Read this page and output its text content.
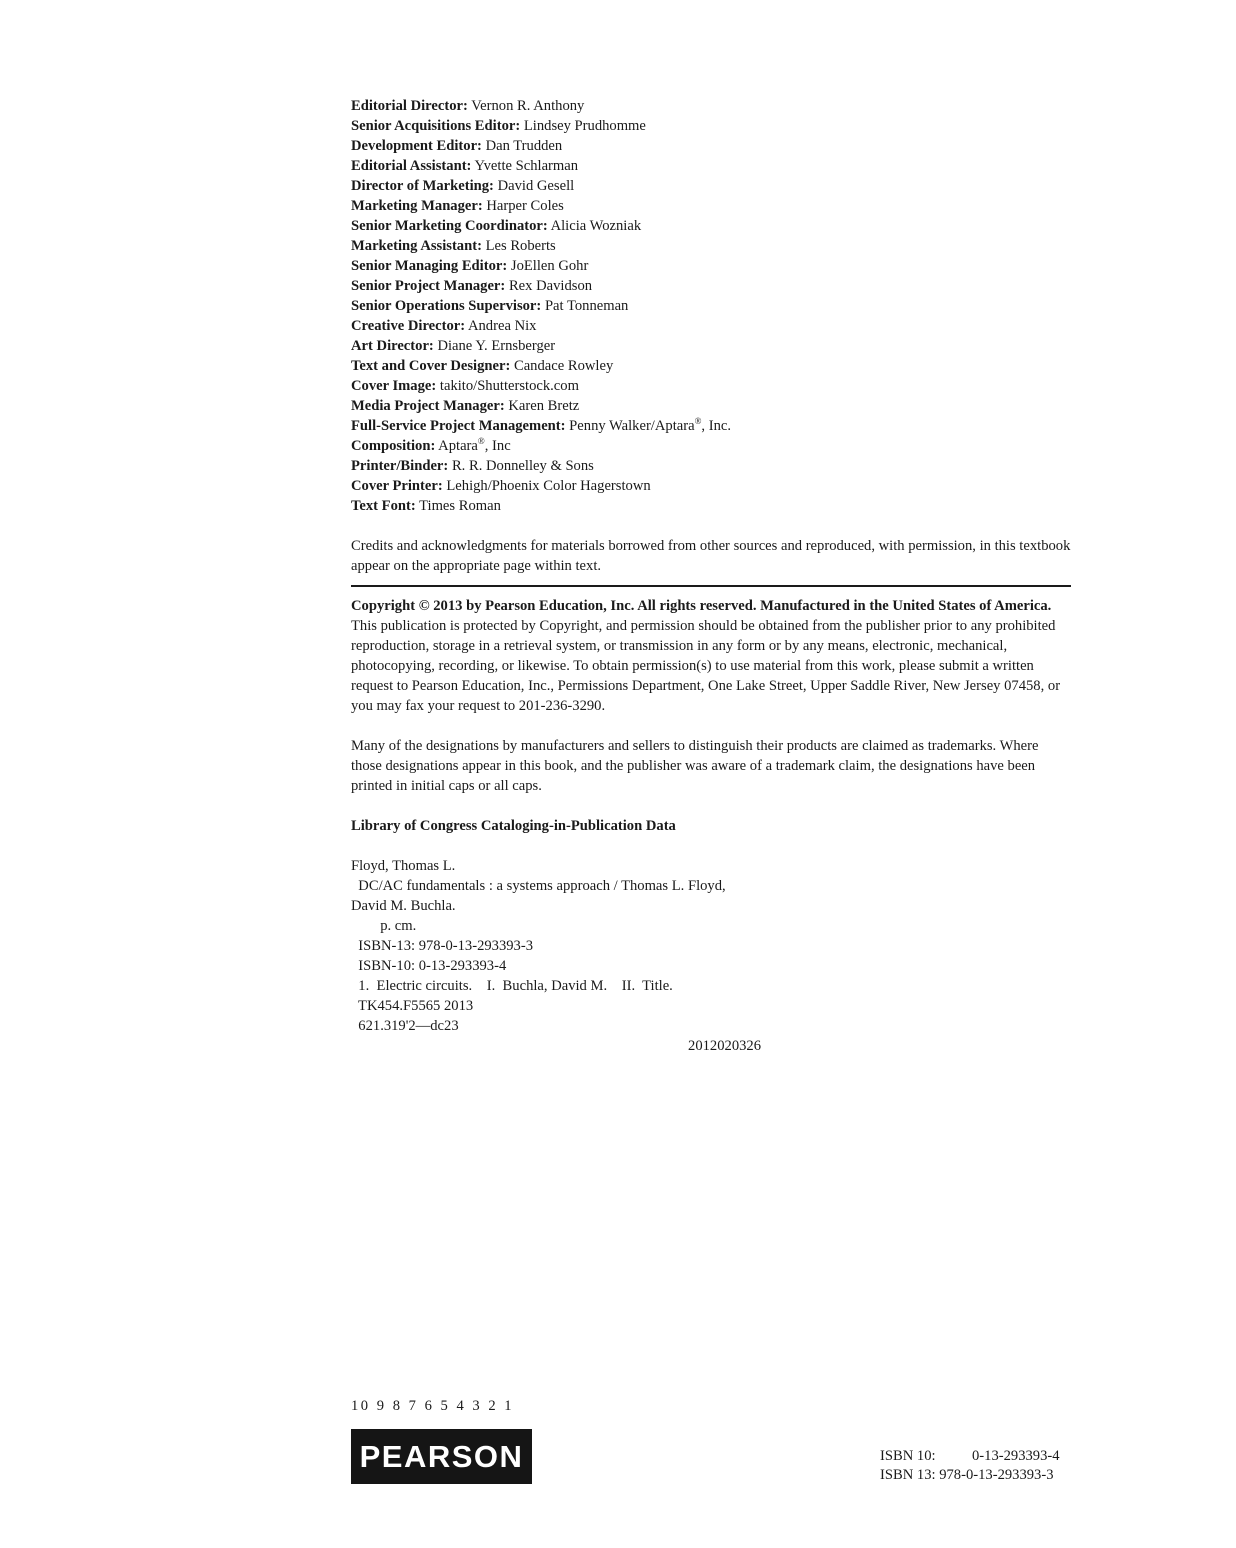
Editorial Director: Vernon R. Anthony
Senior Acquisitions Editor: Lindsey Prudhomme
Development Editor: Dan Trudden
Editorial Assistant: Yvette Schlarman
Director of Marketing: David Gesell
Marketing Manager: Harper Coles
Senior Marketing Coordinator: Alicia Wozniak
Marketing Assistant: Les Roberts
Senior Managing Editor: JoEllen Gohr
Senior Project Manager: Rex Davidson
Senior Operations Supervisor: Pat Tonneman
Creative Director: Andrea Nix
Art Director: Diane Y. Ernsberger
Text and Cover Designer: Candace Rowley
Cover Image: takito/Shutterstock.com
Media Project Manager: Karen Bretz
Full-Service Project Management: Penny Walker/Aptara®, Inc.
Composition: Aptara®, Inc
Printer/Binder: R. R. Donnelley & Sons
Cover Printer: Lehigh/Phoenix Color Hagerstown
Text Font: Times Roman
Credits and acknowledgments for materials borrowed from other sources and reproduced, with permission, in this textbook appear on the appropriate page within text.
Copyright © 2013 by Pearson Education, Inc. All rights reserved. Manufactured in the United States of America. This publication is protected by Copyright, and permission should be obtained from the publisher prior to any prohibited reproduction, storage in a retrieval system, or transmission in any form or by any means, electronic, mechanical, photocopying, recording, or likewise. To obtain permission(s) to use material from this work, please submit a written request to Pearson Education, Inc., Permissions Department, One Lake Street, Upper Saddle River, New Jersey 07458, or you may fax your request to 201-236-3290.
Many of the designations by manufacturers and sellers to distinguish their products are claimed as trademarks. Where those designations appear in this book, and the publisher was aware of a trademark claim, the designations have been printed in initial caps or all caps.
Library of Congress Cataloging-in-Publication Data
Floyd, Thomas L.
DC/AC fundamentals : a systems approach / Thomas L. Floyd,
David M. Buchla.
p. cm.
ISBN-13: 978-0-13-293393-3
ISBN-10: 0-13-293393-4
1.  Electric circuits.    I.  Buchla, David M.    II.  Title.
TK454.F5565 2013
621.319'2—dc23
2012020326
10 9 8 7 6 5 4 3 2 1
PEARSON	ISBN 10:	0-13-293393-4
ISBN 13:
978-0-13-293393-3
